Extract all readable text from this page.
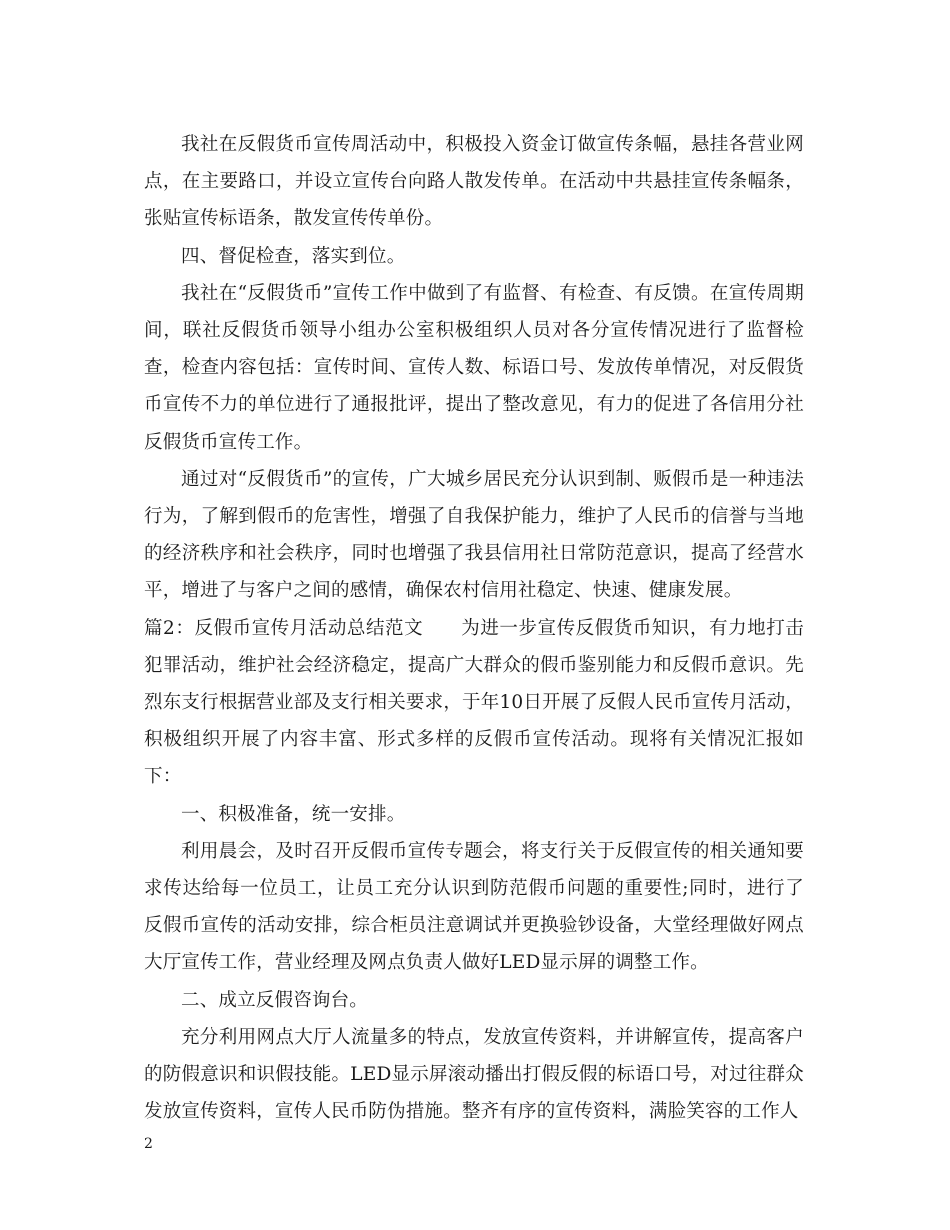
我社在反假货币宣传周活动中，积极投入资金订做宣传条幅，悬挂各营业网点，在主要路口，并设立宣传台向路人散发传单。在活动中共悬挂宣传条幅条，张贴宣传标语条，散发宣传传单份。

四、督促检查，落实到位。

我社在“反假货币”宣传工作中做到了有监督、有检查、有反馈。在宣传周期间，联社反假货币领导小组办公室积极组织人员对各分宣传情况进行了监督检查，检查内容包括：宣传时间、宣传人数、标语口号、发放传单情况，对反假货币宣传不力的单位进行了通报批评，提出了整改意见，有力的促进了各信用分社反假货币宣传工作。

通过对“反假货币”的宣传，广大城乡居民充分认识到制、贩假币是一种违法行为，了解到假币的危害性，增强了自我保护能力，维护了人民币的信誉与当地的经济秩序和社会秩序，同时也增强了我县信用社日常防范意识，提高了经营水平，增进了与客户之间的感情，确保农村信用社稳定、快速、健康发展。

篇2：反假币宣传月活动总结范文　　为进一步宣传反假货币知识，有力地打击犯罪活动，维护社会经济稳定，提高广大群众的假币鉴别能力和反假币意识。先烈东支行根据营业部及支行相关要求，于年10日开展了反假人民币宣传月活动，积极组织开展了内容丰富、形式多样的反假币宣传活动。现将有关情况汇报如下：

一、积极准备，统一安排。

利用晨会，及时召开反假币宣传专题会，将支行关于反假宣传的相关通知要求传达给每一位员工，让员工充分认识到防范假币问题的重要性;同时，进行了反假币宣传的活动安排，综合柜员注意调试并更换验钞设备，大堂经理做好网点大厅宣传工作，营业经理及网点负责人做好LED显示屏的调整工作。

二、成立反假咨询台。

充分利用网点大厅人流量多的特点，发放宣传资料，并讲解宣传，提高客户的防假意识和识假技能。LED显示屏滚动播出打假反假的标语口号，对过往群众发放宣传资料，宣传人民币防伪措施。整齐有序的宣传资料，满脸笑容的工作人

2
